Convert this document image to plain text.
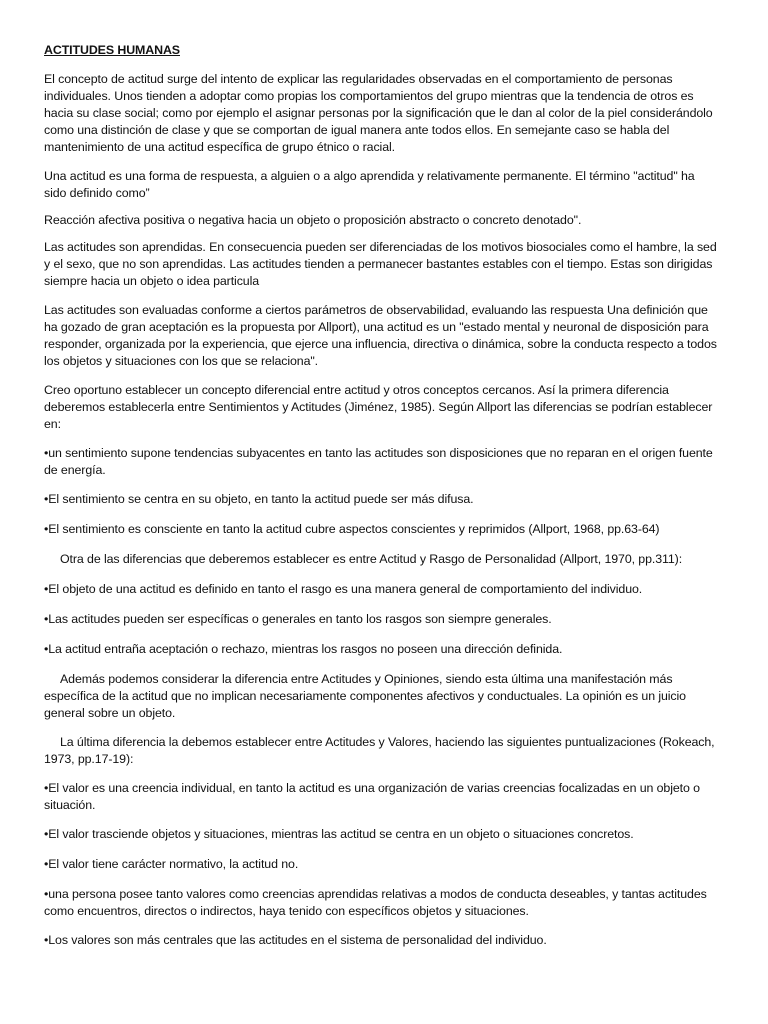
ACTITUDES HUMANAS
El concepto de actitud surge del intento de explicar las regularidades observadas en el comportamiento de personas individuales. Unos tienden a adoptar como propias los comportamientos del grupo mientras que la tendencia de otros es hacia su clase social; como por ejemplo el asignar personas por la significación que le dan al color de la piel considerándolo como una distinción de clase y que se comportan de igual manera ante todos ellos. En semejante caso se habla del mantenimiento de una actitud específica de grupo étnico o racial.
Una actitud es una forma de respuesta, a alguien o a algo aprendida y relativamente permanente. El término "actitud" ha sido definido como”
Reacción afectiva positiva o negativa hacia un objeto o proposición abstracto o concreto denotado".
Las actitudes son aprendidas. En consecuencia pueden ser diferenciadas de los motivos biosociales como el hambre, la sed y el sexo, que no son aprendidas. Las actitudes tienden a permanecer bastantes estables con el tiempo. Estas son dirigidas siempre hacia un objeto o idea particula
Las actitudes son evaluadas conforme a ciertos parámetros de observabilidad, evaluando las respuesta Una definición que ha gozado de gran aceptación es la propuesta por Allport), una actitud es un "estado mental y neuronal de disposición para responder, organizada por la experiencia, que ejerce una influencia, directiva o dinámica, sobre la conducta respecto a todos los objetos y situaciones con los que se relaciona".
Creo oportuno establecer un concepto diferencial entre actitud y otros conceptos cercanos. Así la primera diferencia deberemos establecerla entre Sentimientos y Actitudes (Jiménez, 1985). Según Allport las diferencias se podrían establecer en:
•un sentimiento supone tendencias subyacentes en tanto las actitudes son disposiciones que no reparan en el origen fuente de energía.
•El sentimiento se centra en su objeto, en tanto la actitud puede ser más difusa.
•El sentimiento es consciente en tanto la actitud cubre aspectos conscientes y reprimidos (Allport, 1968, pp.63-64)
Otra de las diferencias que deberemos establecer es entre Actitud y Rasgo de Personalidad (Allport, 1970, pp.311):
•El objeto de una actitud es definido en tanto el rasgo es una manera general de comportamiento del individuo.
•Las actitudes pueden ser específicas o generales en tanto los rasgos son siempre generales.
•La actitud entraña aceptación o rechazo, mientras los rasgos no poseen una dirección definida.
Además podemos considerar la diferencia entre Actitudes y Opiniones, siendo esta última una manifestación más específica de la actitud que no implican necesariamente componentes afectivos y conductuales. La opinión es un juicio general sobre un objeto.
La última diferencia la debemos establecer entre Actitudes y Valores, haciendo las siguientes puntualizaciones (Rokeach, 1973, pp.17-19):
•El valor es una creencia individual, en tanto la actitud es una organización de varias creencias focalizadas en un objeto o situación.
•El valor trasciende objetos y situaciones, mientras las actitud se centra en un objeto o situaciones concretos.
•El valor tiene carácter normativo, la actitud no.
•una persona posee tanto valores como creencias aprendidas relativas a modos de conducta deseables, y tantas actitudes como encuentros, directos o indirectos, haya tenido con específicos objetos y situaciones.
•Los valores son más centrales que las actitudes en el sistema de personalidad del individuo.
